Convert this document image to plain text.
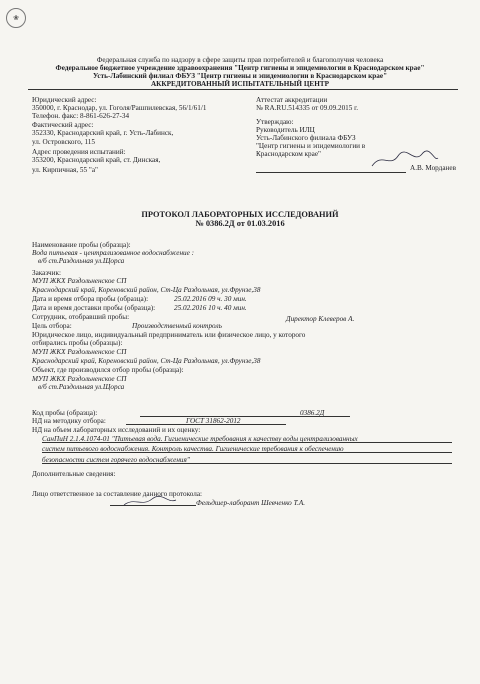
❀
Федеральная служба по надзору в сфере защиты прав потребителей и благополучия человека
Федеральное бюджетное учреждение здравоохранения "Центр гигиены и эпидемиологии в Краснодарском крае"
Усть-Лабинский филиал ФБУЗ "Центр гигиены и эпидемиологии в Краснодарском крае"
АККРЕДИТОВАННЫЙ ИСПЫТАТЕЛЬНЫЙ ЦЕНТР
Юридический адрес:
350000, г. Краснодар, ул. Гоголя/Рашпилевская, 56/1/61/1
Телефон. факс: 8-861-626-27-34
Фактический адрес:
352330, Краснодарский край, г. Усть-Лабинск,
ул. Островского, 115
Адрес проведения испытаний:
353200, Краснодарский край, ст. Динская,
ул. Кирпичная, 55 "а"
Аттестат аккредитации
№ RA.RU.514335 от 09.09.2015 г.
Утверждаю:
Руководитель ИЛЦ
Усть-Лабинского филиала ФБУЗ
"Центр гигиены и эпидемиологии в
Краснодарском крае"
А.В. Морданев
ПРОТОКОЛ ЛАБОРАТОРНЫХ ИССЛЕДОВАНИЙ
№ 0386.2Д от 01.03.2016
Наименование пробы (образца):
Вода питьевая - централизованное водоснабжение :
в/б ст.Раздольная ул.Щорса
Заказчик:
МУП ЖКХ Раздольненское СП
Краснодарский край, Кореновский район, Ст-Ца Раздольная, ул.Фрунзе,38
Дата и время отбора пробы (образца):	25.02.2016 09 ч. 30 мин.
Дата и время доставки пробы (образца):	25.02.2016 10 ч. 40 мин.
Сотрудник, отобравший пробы:	Директор Клеверов А.
Цель отбора:	Производственный контроль
Юридическое лицо, индивидуальный предприниматель или физическое лицо, у которого
отбирались пробы (образцы):
МУП ЖКХ Раздольненское СП
Краснодарский край, Кореновский район, Ст-Ца Раздольная, ул.Фрунзе,38
Объект, где производился отбор пробы (образца):
МУП ЖКХ Раздольненское СП
в/б ст.Раздольная ул.Щорса
Код пробы (образца):	0386.2Д
НД на методику отбора:	ГОСТ 31862-2012
НД на объем лабораторных исследований и их оценку:
СанПиН 2.1.4.1074-01 "Питьевая вода. Гигиенические требования к качеству воды централизованных
систем питьевого водоснабжения. Контроль качества. Гигиенические требования к обеспечению
безопасности систем горячего водоснабжения"
Дополнительные сведения:
Лицо ответственное за составление данного протокола:
Фельдшер-лаборант Шевченко Т.А.
